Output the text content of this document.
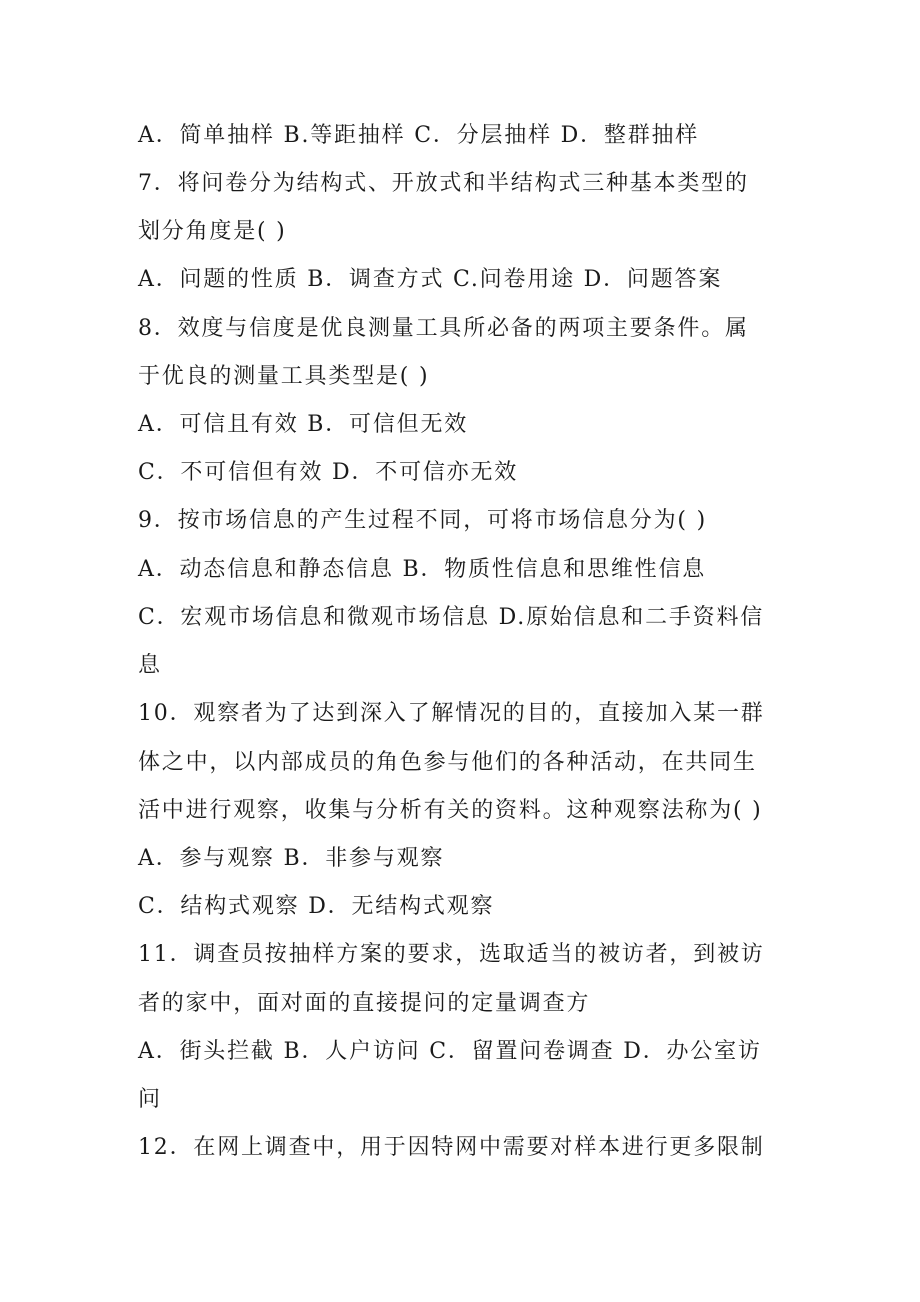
A．简单抽样 B.等距抽样 C．分层抽样 D．整群抽样
7．将问卷分为结构式、开放式和半结构式三种基本类型的
划分角度是( )
A．问题的性质 B．调查方式 C.问卷用途 D．问题答案
8．效度与信度是优良测量工具所必备的两项主要条件。属
于优良的测量工具类型是( )
A．可信且有效 B．可信但无效
C．不可信但有效 D．不可信亦无效
9．按市场信息的产生过程不同，可将市场信息分为( )
A．动态信息和静态信息 B．物质性信息和思维性信息
C．宏观市场信息和微观市场信息 D.原始信息和二手资料信
息
10．观察者为了达到深入了解情况的目的，直接加入某一群
体之中，以内部成员的角色参与他们的各种活动，在共同生
活中进行观察，收集与分析有关的资料。这种观察法称为( )
A．参与观察 B．非参与观察
C．结构式观察 D．无结构式观察
11．调查员按抽样方案的要求，选取适当的被访者，到被访
者的家中，面对面的直接提问的定量调查方
A．街头拦截 B．人户访问 C．留置问卷调查 D．办公室访
问
12．在网上调查中，用于因特网中需要对样本进行更多限制
